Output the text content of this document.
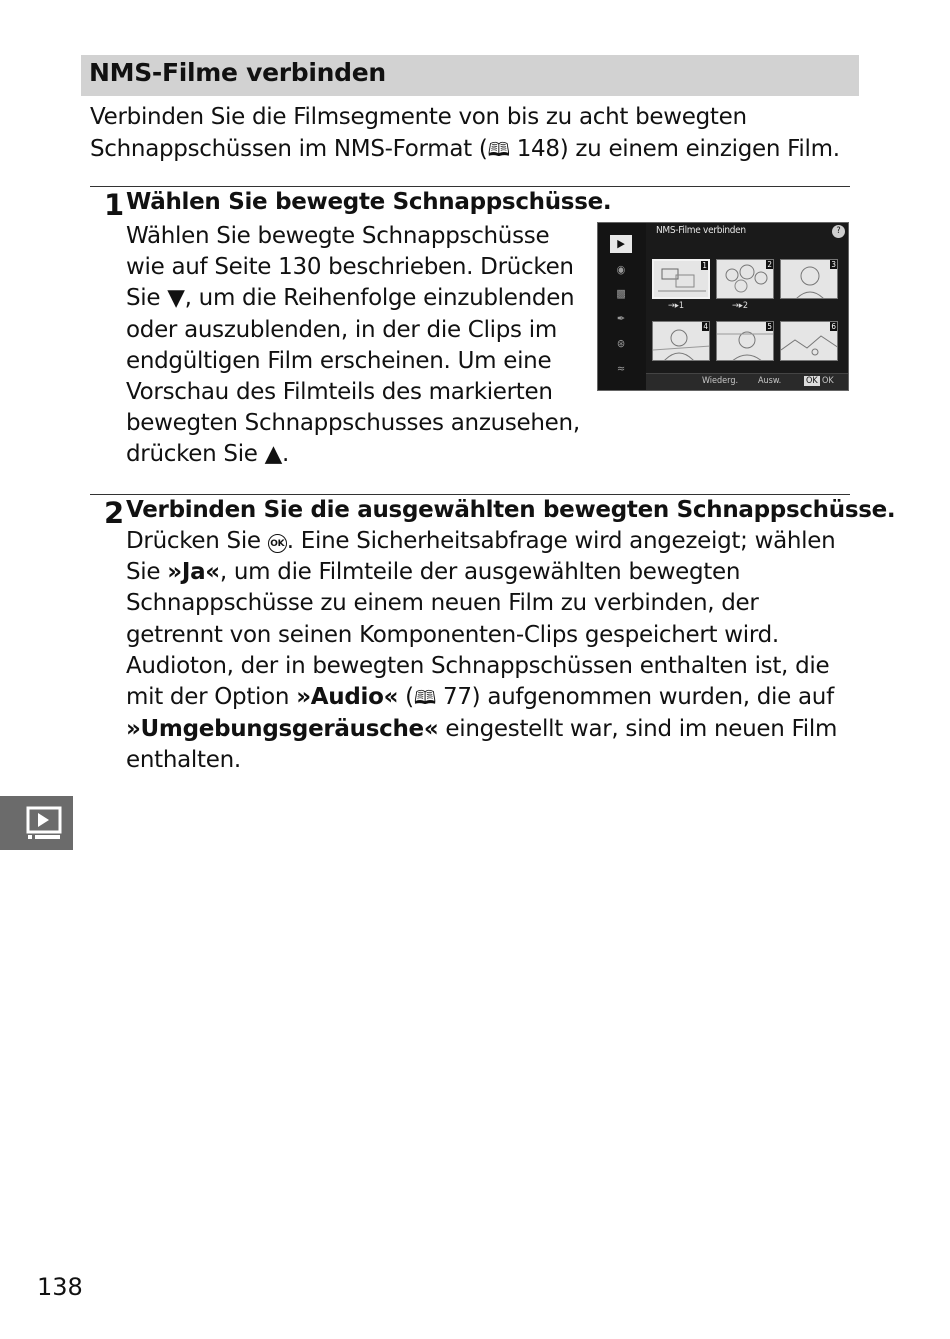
NMS-Filme verbinden
Verbinden Sie die Filmsegmente von bis zu acht bewegten
Schnappschüssen im NMS-Format (🕮 148) zu einem einzigen Film.
1 Wählen Sie bewegte Schnappschüsse.
Wählen Sie bewegte Schnappschüsse
wie auf Seite 130 beschrieben. Drücken
Sie ▼, um die Reihenfolge einzublenden
oder auszublenden, in der die Clips im
endgültigen Film erscheinen. Um eine
Vorschau des Filmteils des markierten
bewegten Schnappschusses anzusehen,
drücken Sie ▲.
▶
◉
▩
✒
⊛
≈
NMS-Filme verbinden	?
1	2	3
→▸1	→▸2
4	5	6
Wiederg. Ausw.	OK OK
2 Verbinden Sie die ausgewählten bewegten Schnappschüsse.
Drücken Sie OK . Eine Sicherheitsabfrage wird angezeigt; wählen
Sie »Ja«, um die Filmteile der ausgewählten bewegten
Schnappschüsse zu einem neuen Film zu verbinden, der
getrennt von seinen Komponenten-Clips gespeichert wird.
Audioton, der in bewegten Schnappschüssen enthalten ist, die
mit der Option »Audio« (🕮 77) aufgenommen wurden, die auf
»Umgebungsgeräusche« eingestellt war, sind im neuen Film
enthalten.
138
